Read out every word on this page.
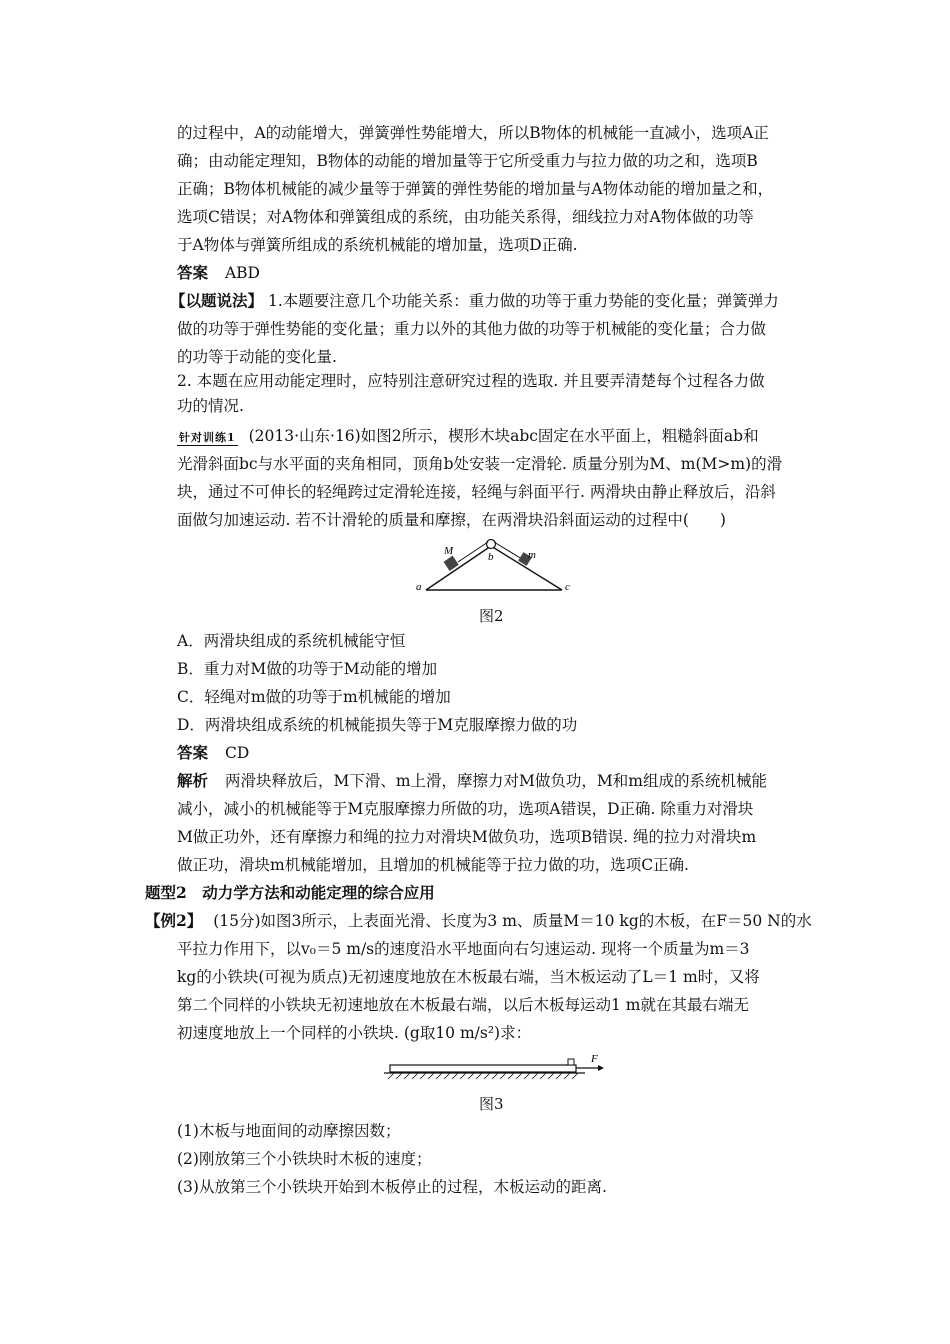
的过程中，A的动能增大，弹簧弹性势能增大，所以B物体的机械能一直减小，选项A正
确；由动能定理知，B物体的动能的增加量等于它所受重力与拉力做的功之和，选项B
正确；B物体机械能的减少量等于弹簧的弹性势能的增加量与A物体动能的增加量之和，
选项C错误；对A物体和弹簧组成的系统，由功能关系得，细线拉力对A物体做的功等
于A物体与弹簧所组成的系统机械能的增加量，选项D正确.
答案 ABD
【以题说法】 1.本题要注意几个功能关系：重力做的功等于重力势能的变化量；弹簧弹力
做的功等于弹性势能的变化量；重力以外的其他力做的功等于机械能的变化量；合力做
的功等于动能的变化量.
2. 本题在应用动能定理时，应特别注意研究过程的选取. 并且要弄清楚每个过程各力做
功的情况.
针对训练1 (2013·山东·16)如图2所示，楔形木块abc固定在水平面上，粗糙斜面ab和
光滑斜面bc与水平面的夹角相同，顶角b处安装一定滑轮. 质量分别为M、m(M>m)的滑
块，通过不可伸长的轻绳跨过定滑轮连接，轻绳与斜面平行. 两滑块由静止释放后，沿斜
面做匀加速运动. 若不计滑轮的质量和摩擦，在两滑块沿斜面运动的过程中(　　)
M	m
b
a	c
图2
A．两滑块组成的系统机械能守恒
B．重力对M做的功等于M动能的增加
C．轻绳对m做的功等于m机械能的增加
D．两滑块组成系统的机械能损失等于M克服摩擦力做的功
答案 CD
解析 两滑块释放后，M下滑、m上滑，摩擦力对M做负功，M和m组成的系统机械能
减小，减小的机械能等于M克服摩擦力所做的功，选项A错误，D正确. 除重力对滑块
M做正功外，还有摩擦力和绳的拉力对滑块M做负功，选项B错误. 绳的拉力对滑块m
做正功，滑块m机械能增加，且增加的机械能等于拉力做的功，选项C正确.
题型2　动力学方法和动能定理的综合应用
【例2】 (15分)如图3所示，上表面光滑、长度为3 m、质量M＝10 kg的木板，在F＝50 N的水
平拉力作用下，以v₀＝5 m/s的速度沿水平地面向右匀速运动. 现将一个质量为m＝3
kg的小铁块(可视为质点)无初速度地放在木板最右端，当木板运动了L＝1 m时，又将
第二个同样的小铁块无初速地放在木板最右端，以后木板每运动1 m就在其最右端无
初速度地放上一个同样的小铁块. (g取10 m/s²)求：
F
图3
(1)木板与地面间的动摩擦因数；
(2)刚放第三个小铁块时木板的速度；
(3)从放第三个小铁块开始到木板停止的过程，木板运动的距离.
